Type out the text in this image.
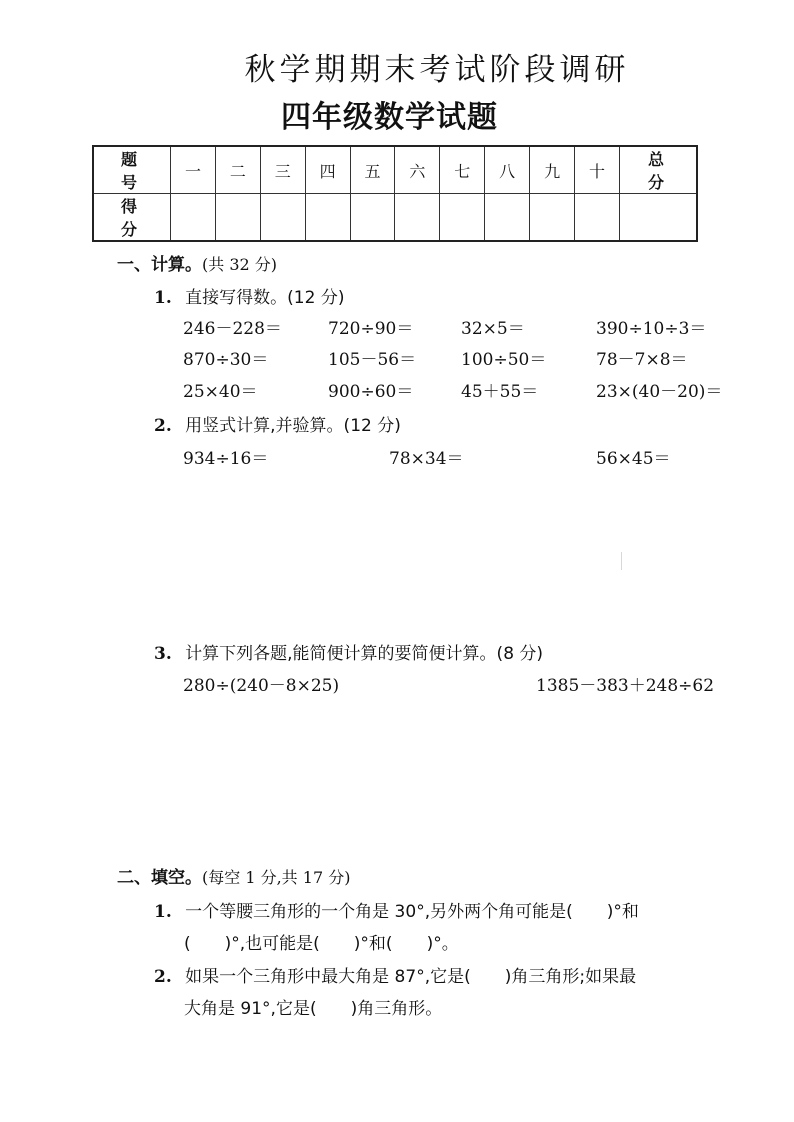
秋学期期末考试阶段调研
四年级数学试题
题 号	一	二	三	四	五	六	七	八	九	十	总 分
得 分											
一、计算。(共 32 分)
1. 直接写得数。(12 分)
246－228＝	720÷90＝	32×5＝	390÷10÷3＝
870÷30＝	105－56＝	100÷50＝	78－7×8＝
25×40＝	900÷60＝	45＋55＝	23×(40－20)＝
2. 用竖式计算,并验算。(12 分)
934÷16＝	78×34＝	56×45＝
3. 计算下列各题,能简便计算的要简便计算。(8 分)
280÷(240－8×25)	1385－383＋248÷62
二、填空。(每空 1 分,共 17 分)
1. 一个等腰三角形的一个角是 30°,另外两个角可能是(　　)°和
(　　)°,也可能是(　　)°和(　　)°。
2. 如果一个三角形中最大角是 87°,它是(　　)角三角形;如果最
大角是 91°,它是(　　)角三角形。
